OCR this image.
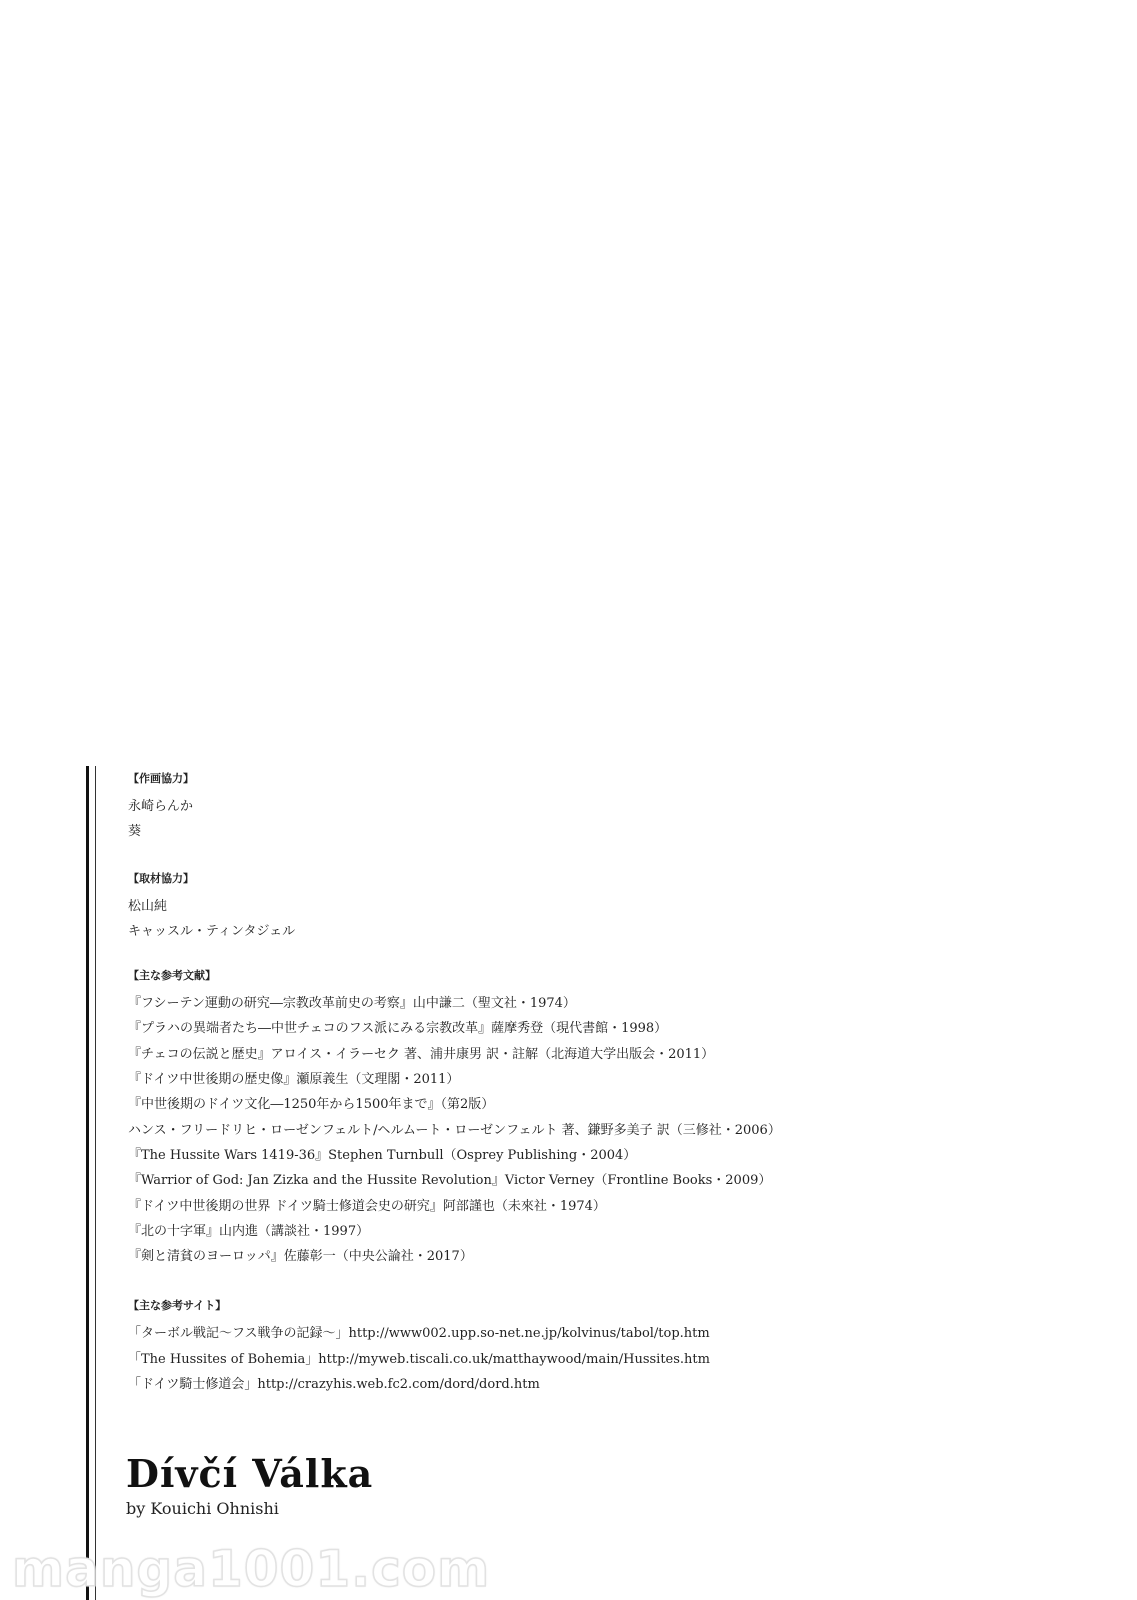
【作画協力】
永崎らんか
葵
【取材協力】
松山純
キャッスル・ティンタジェル
【主な参考文献】
『フシーテン運動の研究―宗教改革前史の考察』山中謙二（聖文社・1974）
『プラハの異端者たち―中世チェコのフス派にみる宗教改革』薩摩秀登（現代書館・1998）
『チェコの伝説と歴史』アロイス・イラーセク 著、浦井康男 訳・註解（北海道大学出版会・2011）
『ドイツ中世後期の歴史像』瀬原義生（文理閣・2011）
『中世後期のドイツ文化―1250年から1500年まで』（第2版）
ハンス・フリードリヒ・ローゼンフェルト/ヘルムート・ローゼンフェルト 著、鎌野多美子 訳（三修社・2006）
『The Hussite Wars 1419-36』Stephen Turnbull（Osprey Publishing・2004）
『Warrior of God: Jan Zizka and the Hussite Revolution』Victor Verney（Frontline Books・2009）
『ドイツ中世後期の世界 ドイツ騎士修道会史の研究』阿部謹也（未來社・1974）
『北の十字軍』山内進（講談社・1997）
『剣と清貧のヨーロッパ』佐藤彰一（中央公論社・2017）
【主な参考サイト】
「ターボル戦記～フス戦争の記録～」http://www002.upp.so-net.ne.jp/kolvinus/tabol/top.htm
「The Hussites of Bohemia」http://myweb.tiscali.co.uk/matthaywood/main/Hussites.htm
「ドイツ騎士修道会」http://crazyhis.web.fc2.com/dord/dord.htm
Dívčí Válka
by Kouichi Ohnishi
manga1001.com
